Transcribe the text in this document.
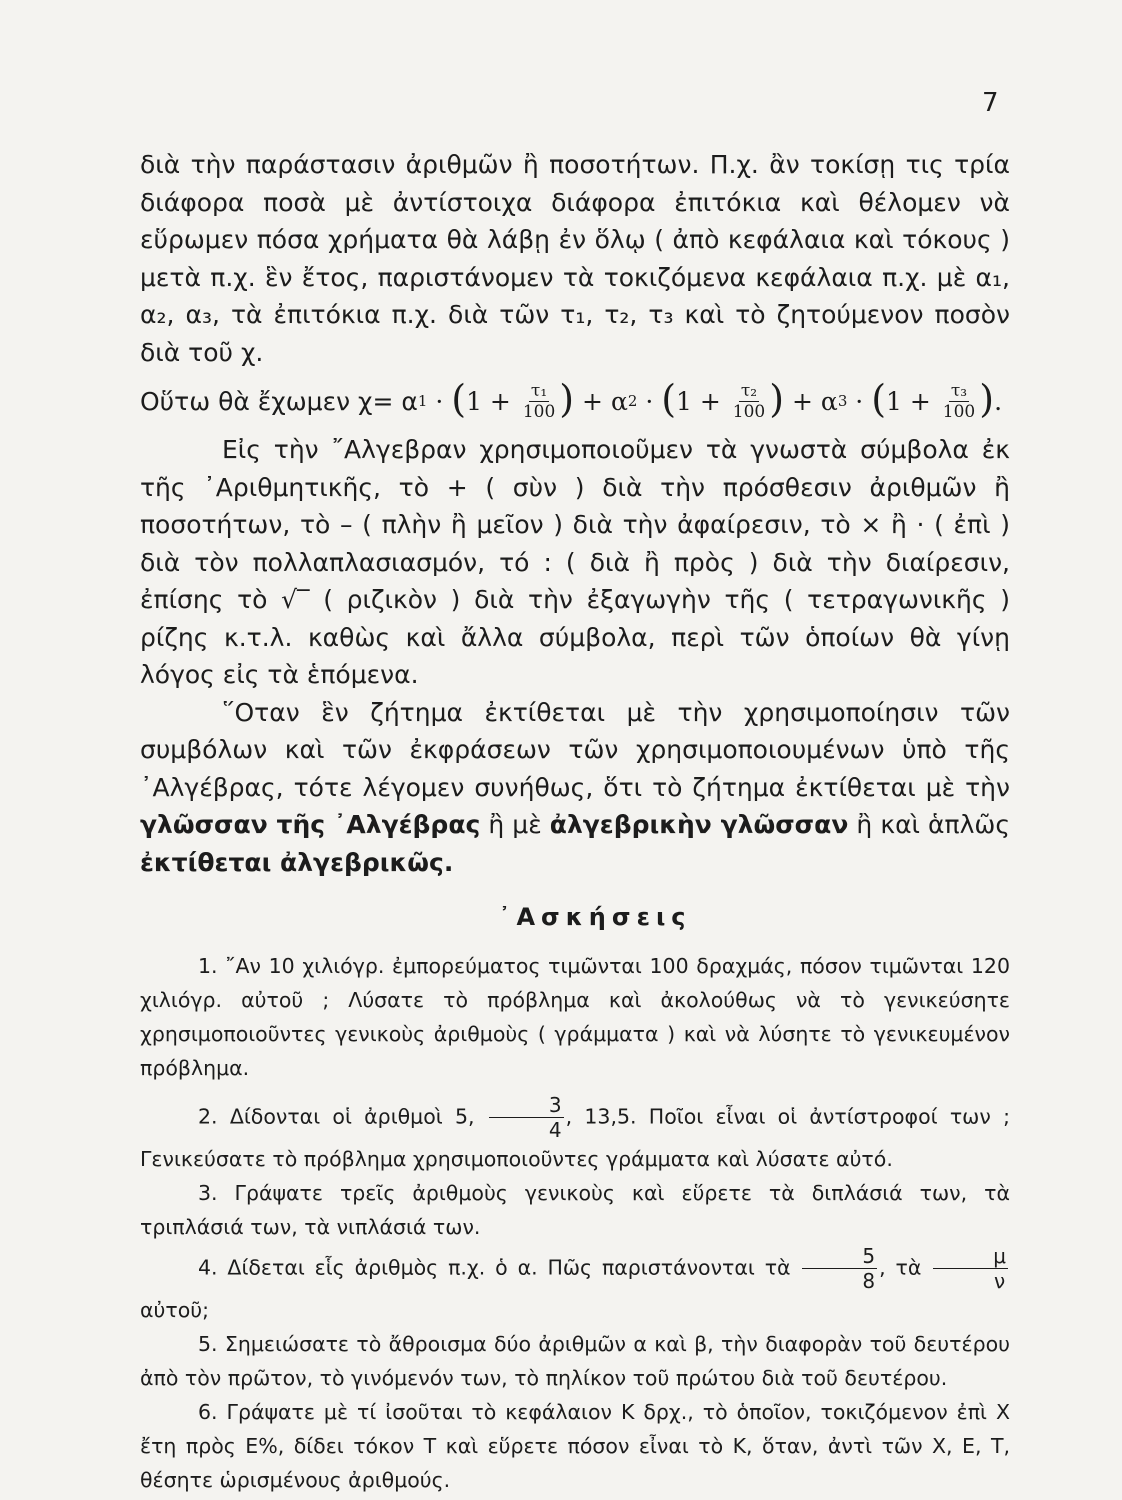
7

διὰ τὴν παράστασιν ἀριθμῶν ἢ ποσοτήτων. Π.χ. ἂν τοκίσῃ τις τρία διάφορα ποσὰ μὲ ἀντίστοιχα διάφορα ἐπιτόκια καὶ θέλομεν νὰ εὕρωμεν πόσα χρήματα θὰ λάβῃ ἐν ὅλῳ ( ἀπὸ κεφάλαια καὶ τόκους ) μετὰ π.χ. ἓν ἔτος, παριστάνομεν τὰ τοκιζόμενα κεφάλαια π.χ. μὲ α₁, α₂, α₃, τὰ ἐπιτόκια π.χ. διὰ τῶν τ₁, τ₂, τ₃ καὶ τὸ ζητούμενον ποσὸν διὰ τοῦ χ.

Οὕτω θὰ ἔχωμεν χ= α 1 · ( $1 + \frac{\text{τ₁}}{100}$ ) + α 2 · ( $1 + \frac{\text{τ₂}}{100}$ ) + α 3 · ( $1 + \frac{\text{τ₃}}{100}$ ) .

Εἰς τὴν ῎Αλγεβραν χρησιμοποιοῦμεν τὰ γνωστὰ σύμβολα ἐκ τῆς ᾿Αριθμητικῆς, τὸ + ( σὺν ) διὰ τὴν πρόσθεσιν ἀριθμῶν ἢ ποσοτήτων, τὸ – ( πλὴν ἢ μεῖον ) διὰ τὴν ἀφαίρεσιν, τὸ × ἢ · ( ἐπὶ ) διὰ τὸν πολλαπλασιασμόν, τό : ( διὰ ἢ πρὸς ) διὰ τὴν διαίρεσιν, ἐπίσης τὸ √‾ ( ριζικὸν ) διὰ τὴν ἐξαγωγὴν τῆς ( τετραγωνικῆς ) ρίζης κ.τ.λ. καθὼς καὶ ἄλλα σύμβολα, περὶ τῶν ὁποίων θὰ γίνῃ λόγος εἰς τὰ ἑπόμενα.

῞Οταν ἓν ζήτημα ἐκτίθεται μὲ τὴν χρησιμοποίησιν τῶν συμβόλων καὶ τῶν ἐκφράσεων τῶν χρησιμοποιουμένων ὑπὸ τῆς ᾿Αλγέβρας, τότε λέγομεν συνήθως, ὅτι τὸ ζήτημα ἐκτίθεται μὲ τὴν γλῶσσαν τῆς ᾿Αλγέβρας ἢ μὲ ἀλγεβρικὴν γλῶσσαν ἢ καὶ ἁπλῶς ἐκτίθεται ἀλγεβρικῶς.

᾿Ασκήσεις

1. ῎Αν 10 χιλιόγρ. ἐμπορεύματος τιμῶνται 100 δραχμάς, πόσον τιμῶνται 120 χιλιόγρ. αὐτοῦ ; Λύσατε τὸ πρόβλημα καὶ ἀκολούθως νὰ τὸ γενικεύσητε χρησιμοποιοῦντες γενικοὺς ἀριθμοὺς ( γράμματα ) καὶ νὰ λύσητε τὸ γενικευμένον πρόβλημα.

2. Δίδονται οἱ ἀριθμοὶ 5, $\frac{3}{4}$ , 13,5. Ποῖοι εἶναι οἱ ἀντίστροφοί των ; Γενικεύσατε τὸ πρόβλημα χρησιμοποιοῦντες γράμματα καὶ λύσατε αὐτό.

3. Γράψατε τρεῖς ἀριθμοὺς γενικοὺς καὶ εὕρετε τὰ διπλάσιά των, τὰ τριπλάσιά των, τὰ νιπλάσιά των.

4. Δίδεται εἷς ἀριθμὸς π.χ. ὁ α. Πῶς παριστάνονται τὰ $\frac{5}{8}$ , τὰ $\frac{\mu}{\nu}$
αὐτοῦ;

5. Σημειώσατε τὸ ἄθροισμα δύο ἀριθμῶν α καὶ β, τὴν διαφορὰν τοῦ δευτέρου ἀπὸ τὸν πρῶτον, τὸ γινόμενόν των, τὸ πηλίκον τοῦ πρώτου διὰ τοῦ δευτέρου.

6. Γράψατε μὲ τί ἰσοῦται τὸ κεφάλαιον Κ δρχ., τὸ ὁποῖον, τοκιζόμενον ἐπὶ Χ ἔτη πρὸς Ε%, δίδει τόκον Τ καὶ εὕρετε πόσον εἶναι τὸ Κ, ὅταν, ἀντὶ τῶν Χ, Ε, Τ, θέσητε ὡρισμένους ἀριθμούς.
